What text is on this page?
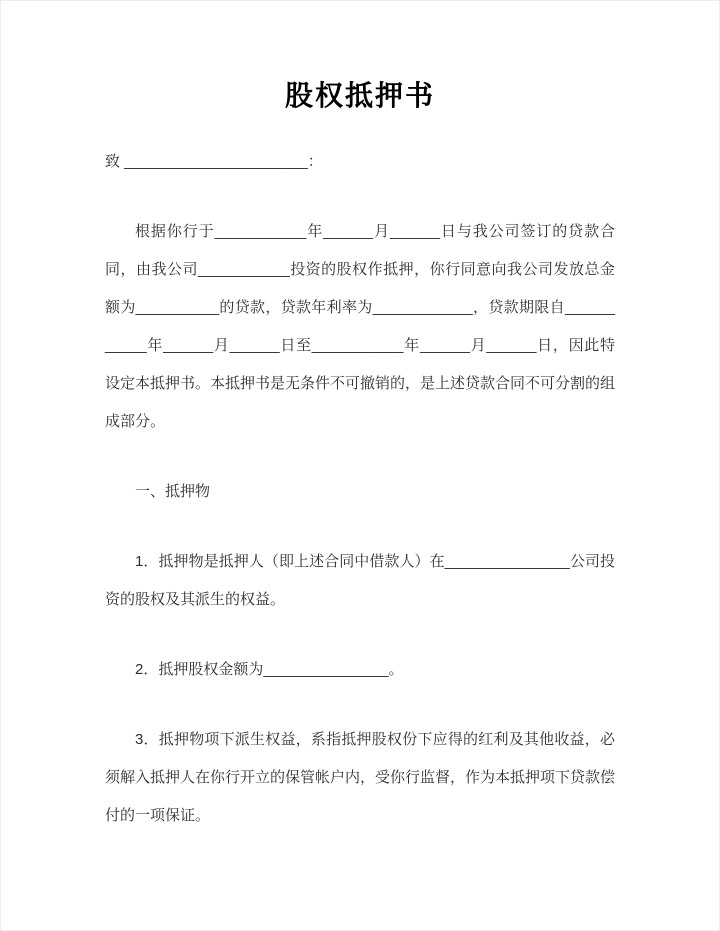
股权抵押书

致 ______________________：

根据你行于___________年______月______日与我公司签订的贷款合同，由我公司___________投资的股权作抵押，你行同意向我公司发放总金额为__________的贷款，贷款年利率为____________，贷款期限自___________年______月______日至___________年______月______日，因此特设定本抵押书。本抵押书是无条件不可撤销的，是上述贷款合同不可分割的组成部分。

一、抵押物

1．抵押物是抵押人（即上述合同中借款人）在_______________公司投资的股权及其派生的权益。

2．抵押股权金额为_______________。

3．抵押物项下派生权益，系指抵押股权份下应得的红利及其他收益，必须解入抵押人在你行开立的保管帐户内，受你行监督，作为本抵押项下贷款偿付的一项保证。
